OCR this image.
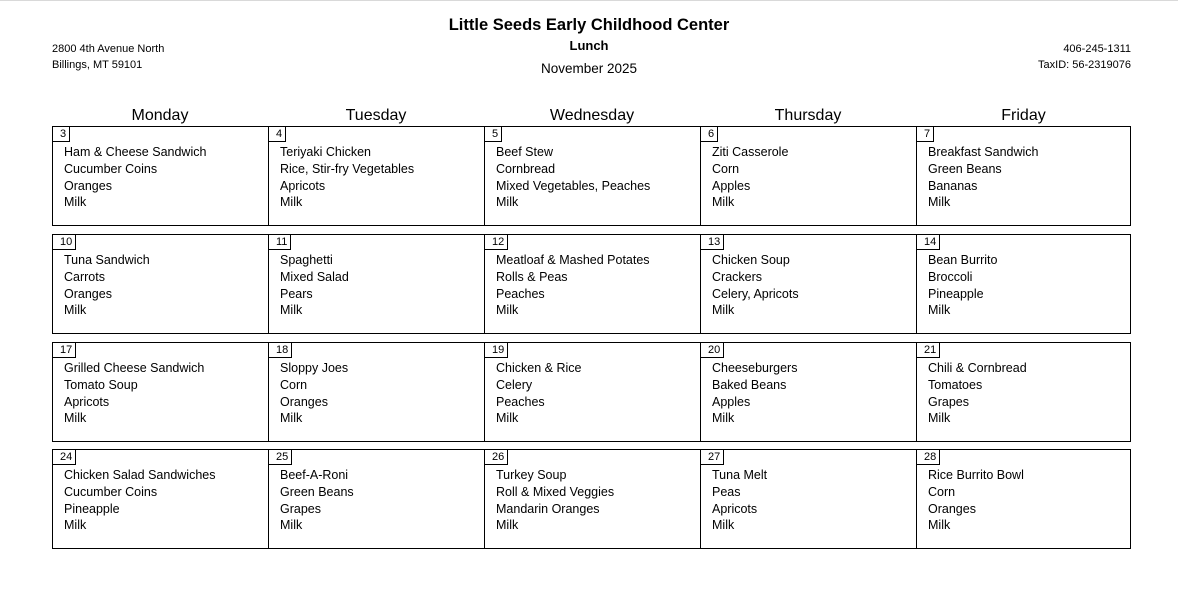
Little Seeds Early Childhood Center
Lunch
November 2025
2800 4th Avenue North
Billings, MT 59101
406-245-1311
TaxID: 56-2319076
Monday	Tuesday	Wednesday	Thursday	Friday
3
Ham & Cheese Sandwich
Cucumber Coins
Oranges
Milk
4
Teriyaki Chicken
Rice, Stir-fry Vegetables
Apricots
Milk
5
Beef Stew
Cornbread
Mixed Vegetables, Peaches
Milk
6
Ziti Casserole
Corn
Apples
Milk
7
Breakfast Sandwich
Green Beans
Bananas
Milk
10
Tuna Sandwich
Carrots
Oranges
Milk
11
Spaghetti
Mixed Salad
Pears
Milk
12
Meatloaf & Mashed Potates
Rolls & Peas
Peaches
Milk
13
Chicken Soup
Crackers
Celery, Apricots
Milk
14
Bean Burrito
Broccoli
Pineapple
Milk
17
Grilled Cheese Sandwich
Tomato Soup
Apricots
Milk
18
Sloppy Joes
Corn
Oranges
Milk
19
Chicken & Rice
Celery
Peaches
Milk
20
Cheeseburgers
Baked Beans
Apples
Milk
21
Chili & Cornbread
Tomatoes
Grapes
Milk
24
Chicken Salad Sandwiches
Cucumber Coins
Pineapple
Milk
25
Beef-A-Roni
Green Beans
Grapes
Milk
26
Turkey Soup
Roll & Mixed Veggies
Mandarin Oranges
Milk
27
Tuna Melt
Peas
Apricots
Milk
28
Rice Burrito Bowl
Corn
Oranges
Milk
